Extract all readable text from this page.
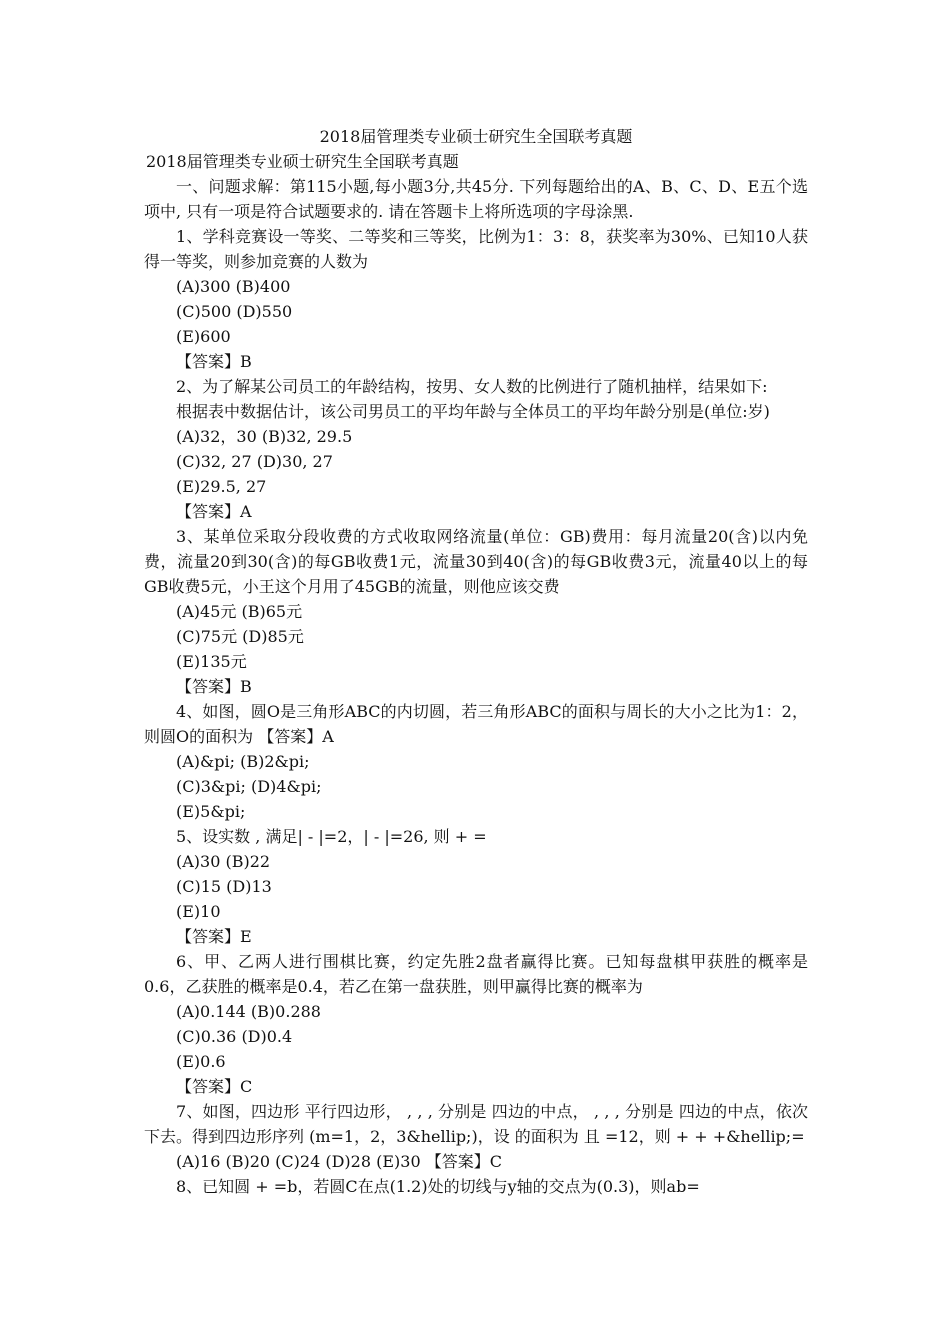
2018届管理类专业硕士研究生全国联考真题
2018届管理类专业硕士研究生全国联考真题
一、问题求解：第115小题,每小题3分,共45分. 下列每题给出的A、B、C、D、E五个选项中, 只有一项是符合试题要求的. 请在答题卡上将所选项的字母涂黑.
1、学科竞赛设一等奖、二等奖和三等奖，比例为1：3：8，获奖率为30%、已知10人获得一等奖，则参加竞赛的人数为
(A)300 (B)400
(C)500 (D)550
(E)600
【答案】B
2、为了解某公司员工的年龄结构，按男、女人数的比例进行了随机抽样，结果如下:
根据表中数据估计，该公司男员工的平均年龄与全体员工的平均年龄分别是(单位:岁)
(A)32，30 (B)32, 29.5
(C)32, 27 (D)30, 27
(E)29.5, 27
【答案】A
3、某单位采取分段收费的方式收取网络流量(单位：GB)费用：每月流量20(含)以内免费，流量20到30(含)的每GB收费1元，流量30到40(含)的每GB收费3元，流量40以上的每GB收费5元，小王这个月用了45GB的流量，则他应该交费
(A)45元 (B)65元
(C)75元 (D)85元
(E)135元
【答案】B
4、如图，圆O是三角形ABC的内切圆，若三角形ABC的面积与周长的大小之比为1：2，则圆O的面积为 【答案】A
(A)&pi; (B)2&pi;
(C)3&pi; (D)4&pi;
(E)5&pi;
5、设实数 , 满足| - |=2，| - |=26, 则 + =
(A)30 (B)22
(C)15 (D)13
(E)10
【答案】E
6、甲、乙两人进行围棋比赛，约定先胜2盘者赢得比赛。已知每盘棋甲获胜的概率是0.6，乙获胜的概率是0.4，若乙在第一盘获胜，则甲赢得比赛的概率为
(A)0.144 (B)0.288
(C)0.36 (D)0.4
(E)0.6
【答案】C
7、如图，四边形 平行四边形， , , , 分别是 四边的中点， , , , 分别是 四边的中点，依次下去。得到四边形序列 (m=1，2，3&hellip;)，设 的面积为 且 =12，则 + + +&hellip;=
(A)16 (B)20 (C)24 (D)28 (E)30 【答案】C
8、已知圆 + =b，若圆C在点(1.2)处的切线与y轴的交点为(0.3)，则ab=
